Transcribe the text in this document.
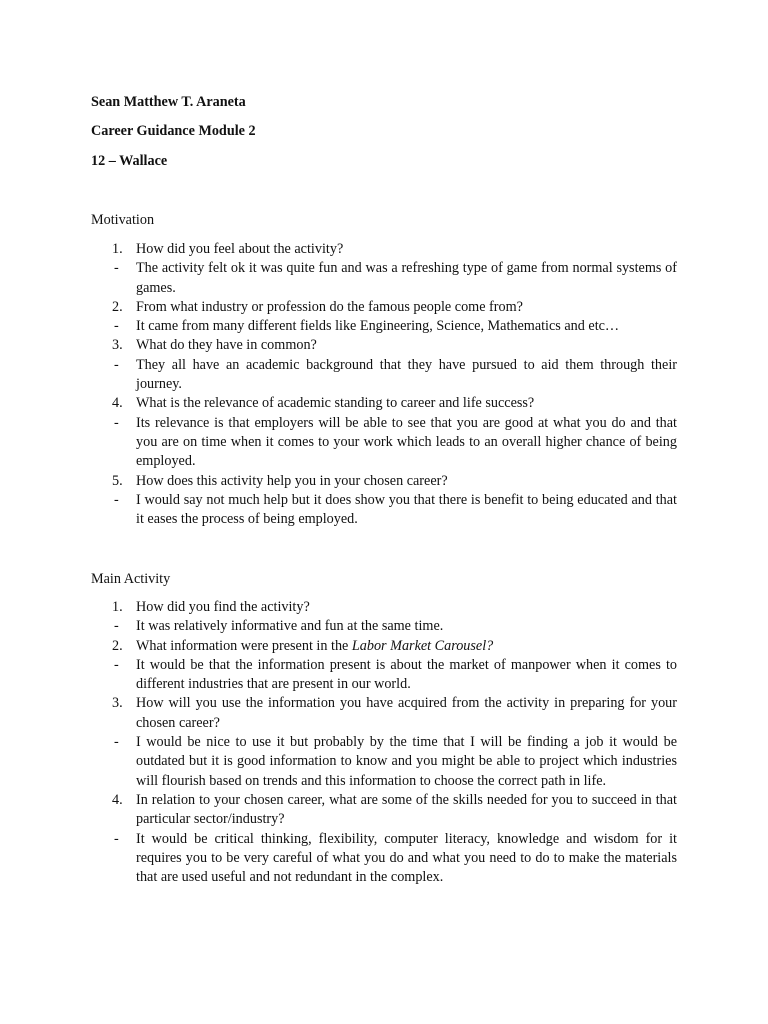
Sean Matthew T. Araneta

Career Guidance Module 2

12 – Wallace

Motivation

1. How did you feel about the activity?
- The activity felt ok it was quite fun and was a refreshing type of game from normal systems of games.
2. From what industry or profession do the famous people come from?
- It came from many different fields like Engineering, Science, Mathematics and etc…
3. What do they have in common?
- They all have an academic background that they have pursued to aid them through their journey.
4. What is the relevance of academic standing to career and life success?
- Its relevance is that employers will be able to see that you are good at what you do and that you are on time when it comes to your work which leads to an overall higher chance of being employed.
5. How does this activity help you in your chosen career?
- I would say not much help but it does show you that there is benefit to being educated and that it eases the process of being employed.

Main Activity

1. How did you find the activity?
- It was relatively informative and fun at the same time.
2. What information were present in the Labor Market Carousel?
- It would be that the information present is about the market of manpower when it comes to different industries that are present in our world.
3. How will you use the information you have acquired from the activity in preparing for your chosen career?
- I would be nice to use it but probably by the time that I will be finding a job it would be outdated but it is good information to know and you might be able to project which industries will flourish based on trends and this information to choose the correct path in life.
4. In relation to your chosen career, what are some of the skills needed for you to succeed in that particular sector/industry?
- It would be critical thinking, flexibility, computer literacy, knowledge and wisdom for it requires you to be very careful of what you do and what you need to do to make the materials that are used useful and not redundant in the complex.
